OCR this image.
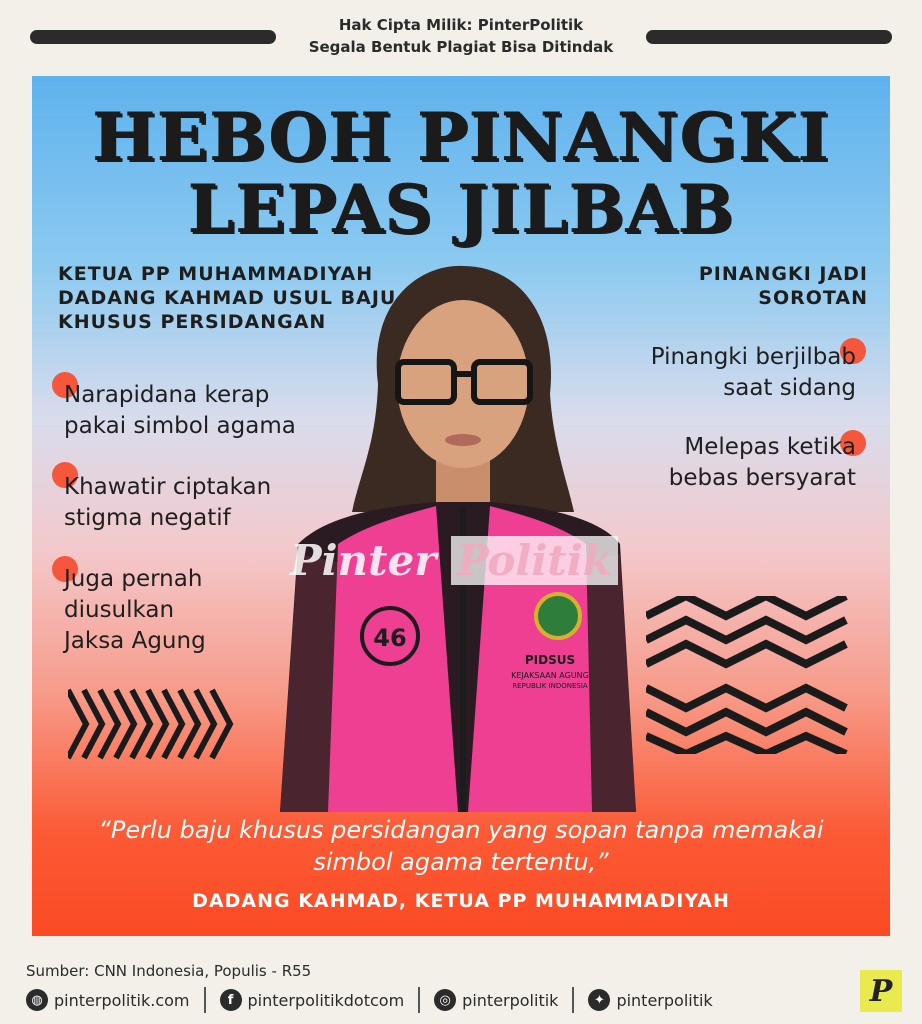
Hak Cipta Milik: PinterPolitik
Segala Bentuk Plagiat Bisa Ditindak
HEBOH PINANGKI
LEPAS JILBAB
KETUA PP MUHAMMADIYAH DADANG KAHMAD USUL BAJU KHUSUS PERSIDANGAN
PINANGKI JADI
SOROTAN
46
PIDSUS
KEJAKSAAN AGUNG
REPUBLIK INDONESIA
Pinter Politik
Narapidana kerap
pakai simbol agama
Khawatir ciptakan
stigma negatif
Juga pernah
diusulkan
Jaksa Agung
Pinangki berjilbab
saat sidang
Melepas ketika
bebas bersyarat
“Perlu baju khusus persidangan yang sopan tanpa memakai
simbol agama tertentu,”
DADANG KAHMAD, KETUA PP MUHAMMADIYAH
Sumber: CNN Indonesia, Populis - R55
◍ pinterpolitik.com	f pinterpolitikdotcom	◎ pinterpolitik	✦ pinterpolitik	P
